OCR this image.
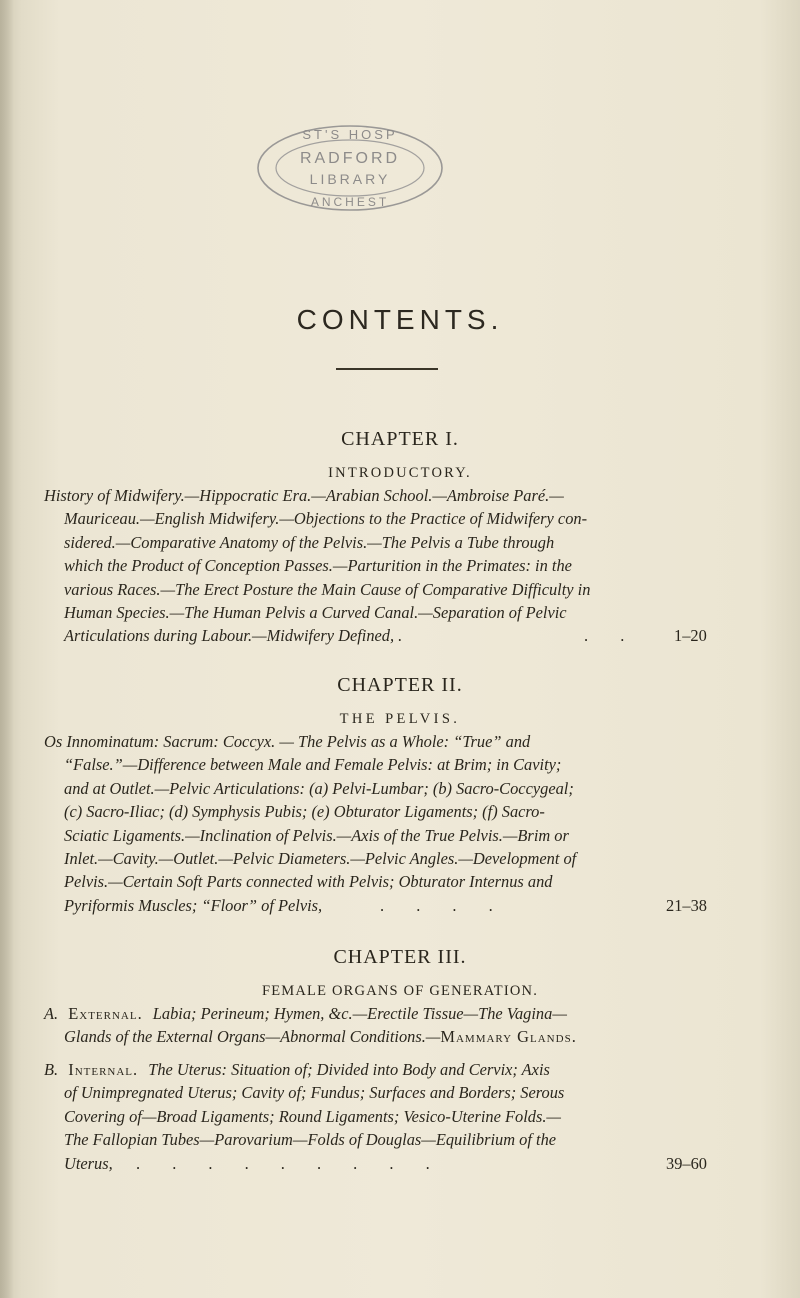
ST'S HOSP
RADFORD
LIBRARY
ANCHEST
CONTENTS.

CHAPTER I.

INTRODUCTORY.

History of Midwifery.—Hippocratic Era.—Arabian School.—Ambroise Paré.—
Mauriceau.—English Midwifery.—Objections to the Practice of Midwifery con-
sidered.—Comparative Anatomy of the Pelvis.—The Pelvis a Tube through
which the Product of Conception Passes.—Parturition in the Primates: in the
various Races.—The Erect Posture the Main Cause of Comparative Difficulty in
Human Species.—The Human Pelvis a Curved Canal.—Separation of Pelvic
Articulations during Labour.—Midwifery Defined, .	. . 1–20

CHAPTER II.

THE PELVIS.

Os Innominatum: Sacrum: Coccyx. — The Pelvis as a Whole: “True” and
“False.”—Difference between Male and Female Pelvis: at Brim; in Cavity;
and at Outlet.—Pelvic Articulations: (a) Pelvi-Lumbar; (b) Sacro-Coccygeal;
(c) Sacro-Iliac; (d) Symphysis Pubis; (e) Obturator Ligaments; (f) Sacro-
Sciatic Ligaments.—Inclination of Pelvis.—Axis of the True Pelvis.—Brim or
Inlet.—Cavity.—Outlet.—Pelvic Diameters.—Pelvic Angles.—Development of
Pelvis.—Certain Soft Parts connected with Pelvis; Obturator Internus and
Pyriformis Muscles; “Floor” of Pelvis,	. . . .	21–38

CHAPTER III.

FEMALE ORGANS OF GENERATION.

A. External. Labia; Perineum; Hymen, &c.—Erectile Tissue—The Vagina—
Glands of the External Organs—Abnormal Conditions.—Mammary Glands.
B. Internal. The Uterus: Situation of; Divided into Body and Cervix; Axis
of Unimpregnated Uterus; Cavity of; Fundus; Surfaces and Borders; Serous
Covering of—Broad Ligaments; Round Ligaments; Vesico-Uterine Folds.—
The Fallopian Tubes—Parovarium—Folds of Douglas—Equilibrium of the
Uterus, . . . . . . . . .	39–60
